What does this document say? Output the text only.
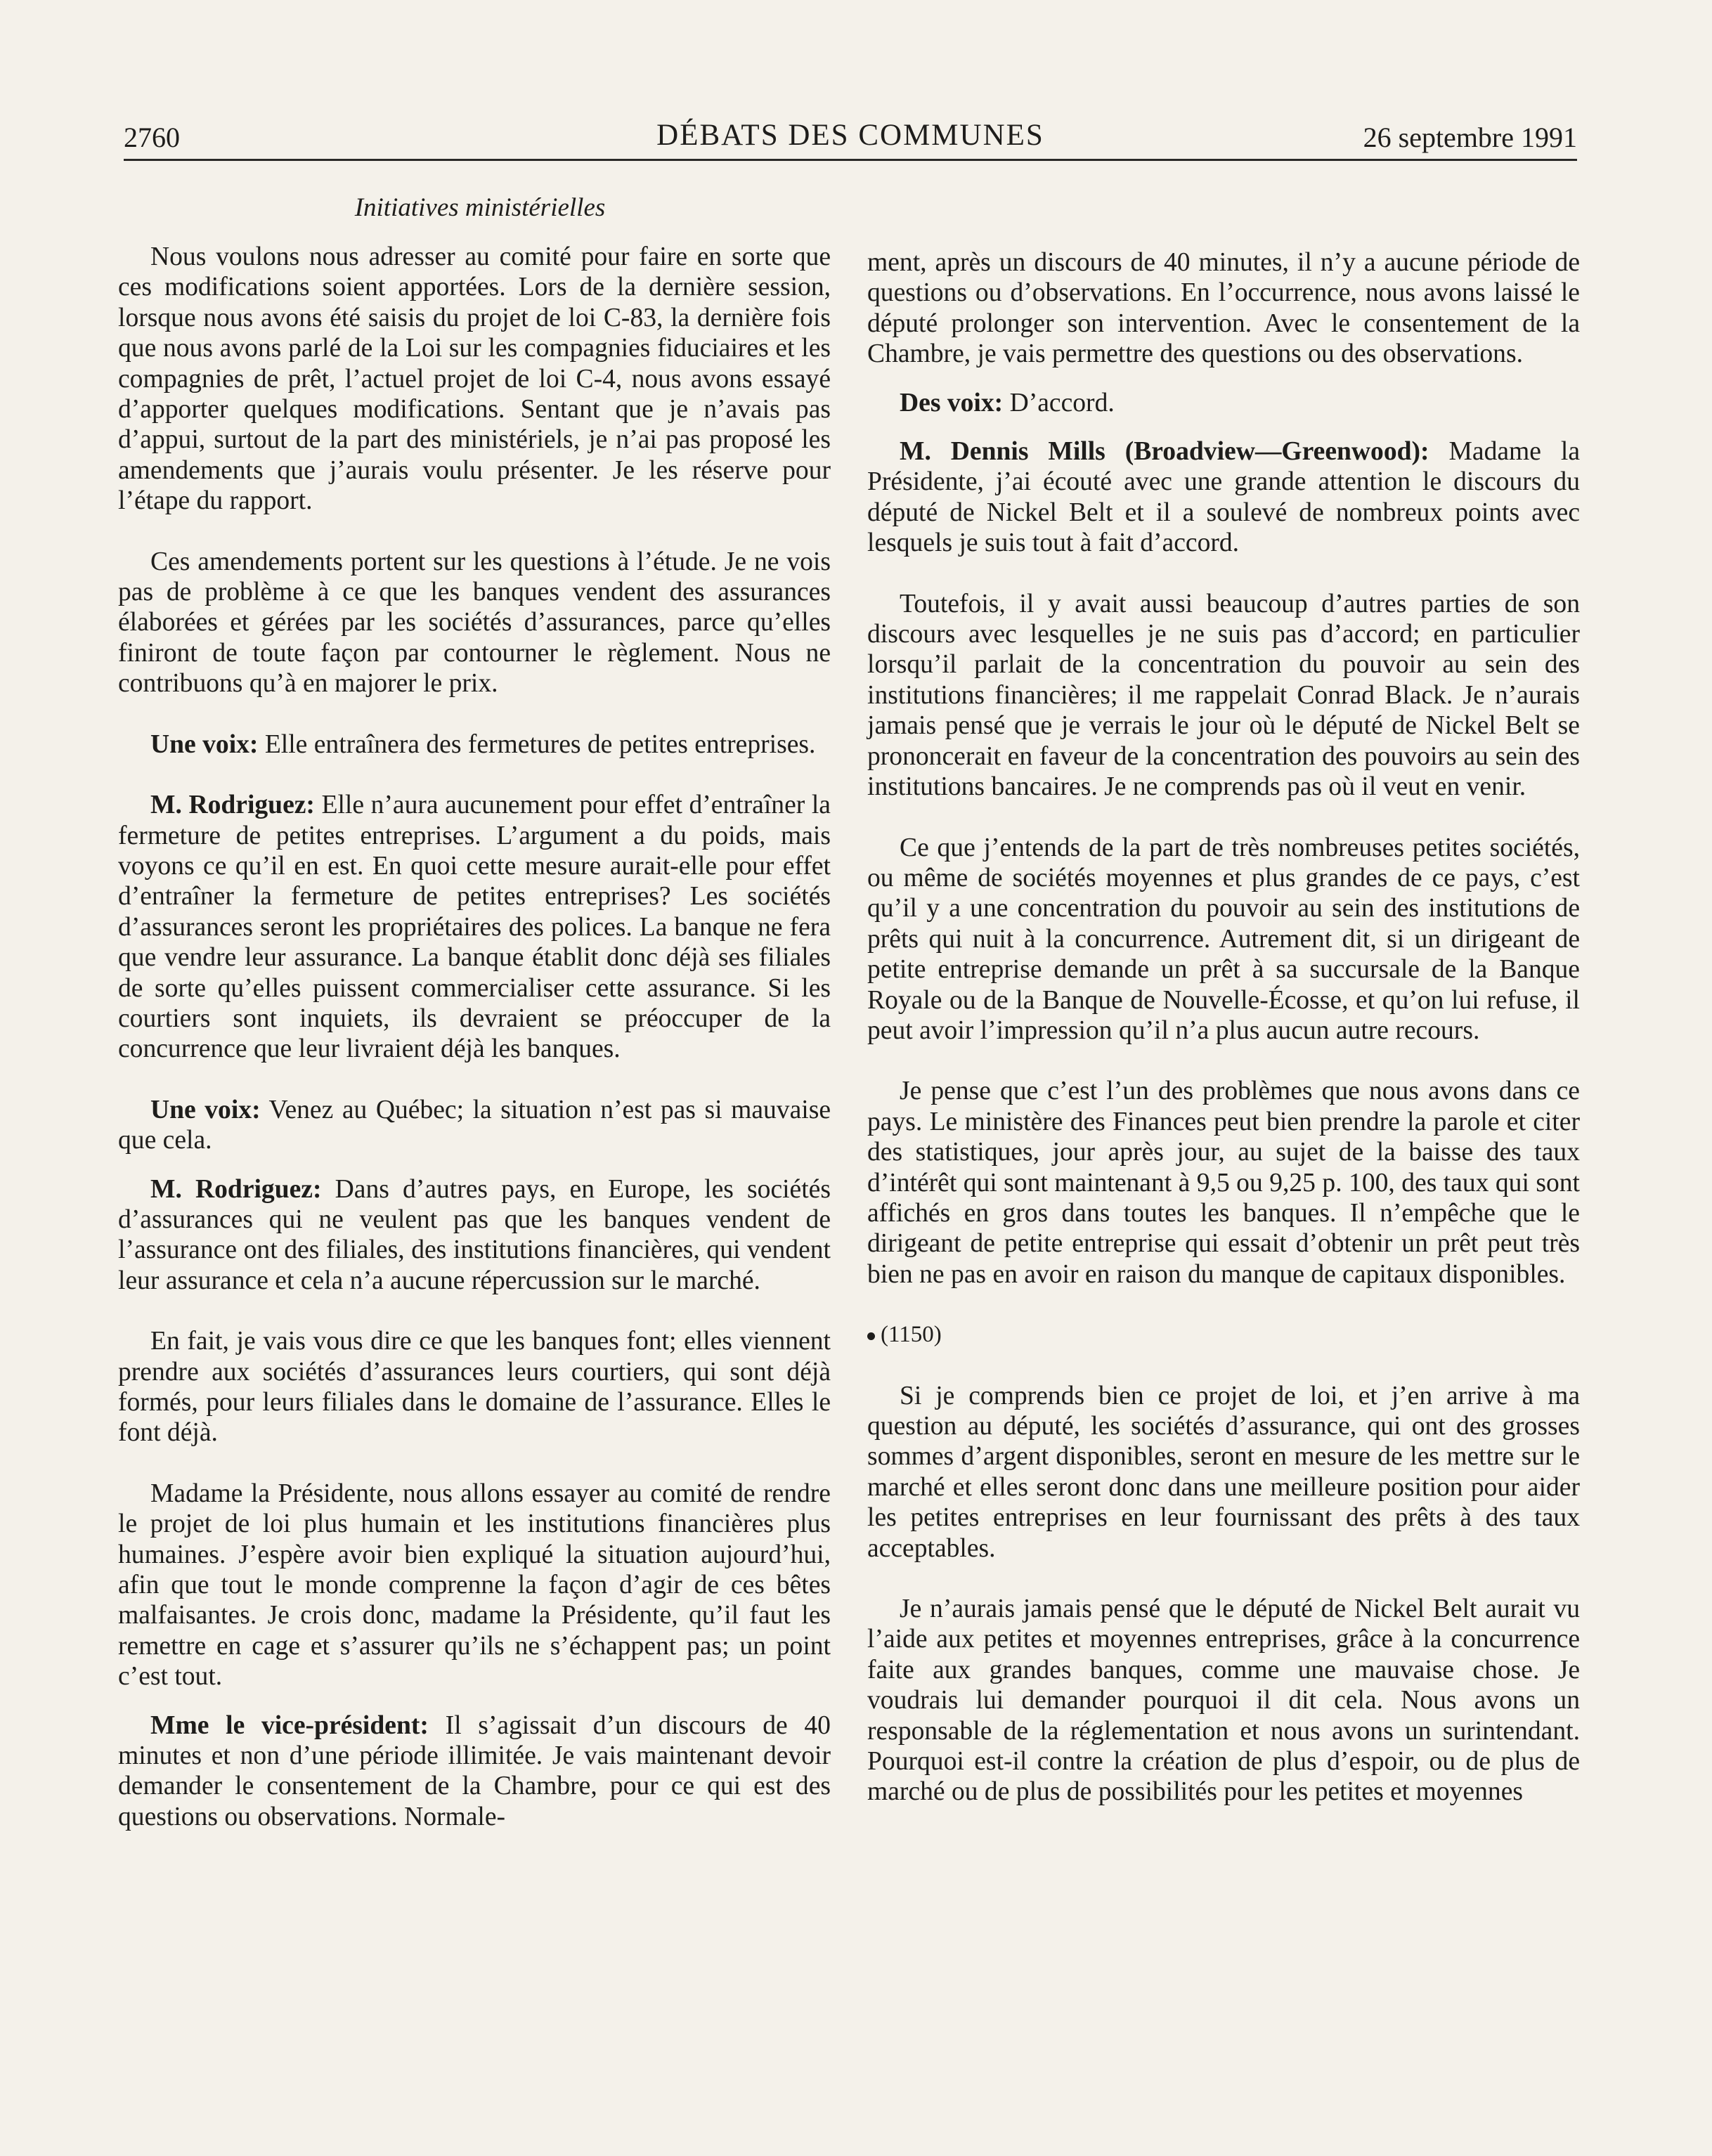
2760	DÉBATS DES COMMUNES	26 septembre 1991
Initiatives ministérielles

Nous voulons nous adresser au comité pour faire en sorte que ces modifications soient apportées. Lors de la dernière session, lorsque nous avons été saisis du projet de loi C-83, la dernière fois que nous avons parlé de la Loi sur les compagnies fiduciaires et les compagnies de prêt, l’actuel projet de loi C-4, nous avons essayé d’apporter quelques modifications. Sentant que je n’avais pas d’appui, surtout de la part des ministériels, je n’ai pas proposé les amendements que j’aurais voulu présenter. Je les réserve pour l’étape du rapport.

Ces amendements portent sur les questions à l’étude. Je ne vois pas de problème à ce que les banques vendent des assurances élaborées et gérées par les sociétés d’assurances, parce qu’elles finiront de toute façon par contourner le règlement. Nous ne contribuons qu’à en majorer le prix.

Une voix: Elle entraînera des fermetures de petites entreprises.

M. Rodriguez: Elle n’aura aucunement pour effet d’entraîner la fermeture de petites entreprises. L’argument a du poids, mais voyons ce qu’il en est. En quoi cette mesure aurait-elle pour effet d’entraîner la fermeture de petites entreprises? Les sociétés d’assurances seront les propriétaires des polices. La banque ne fera que vendre leur assurance. La banque établit donc déjà ses filiales de sorte qu’elles puissent commercialiser cette assurance. Si les courtiers sont inquiets, ils devraient se préoccuper de la concurrence que leur livraient déjà les banques.

Une voix: Venez au Québec; la situation n’est pas si mauvaise que cela.

M. Rodriguez: Dans d’autres pays, en Europe, les sociétés d’assurances qui ne veulent pas que les banques vendent de l’assurance ont des filiales, des institutions financières, qui vendent leur assurance et cela n’a aucune répercussion sur le marché.

En fait, je vais vous dire ce que les banques font; elles viennent prendre aux sociétés d’assurances leurs courtiers, qui sont déjà formés, pour leurs filiales dans le domaine de l’assurance. Elles le font déjà.

Madame la Présidente, nous allons essayer au comité de rendre le projet de loi plus humain et les institutions financières plus humaines. J’espère avoir bien expliqué la situation aujourd’hui, afin que tout le monde comprenne la façon d’agir de ces bêtes malfaisantes. Je crois donc, madame la Présidente, qu’il faut les remettre en cage et s’assurer qu’ils ne s’échappent pas; un point c’est tout.

Mme le vice-président: Il s’agissait d’un discours de 40 minutes et non d’une période illimitée. Je vais maintenant devoir demander le consentement de la Chambre, pour ce qui est des questions ou observations. Normale-

ment, après un discours de 40 minutes, il n’y a aucune période de questions ou d’observations. En l’occurrence, nous avons laissé le député prolonger son intervention. Avec le consentement de la Chambre, je vais permettre des questions ou des observations.

Des voix: D’accord.

M. Dennis Mills (Broadview—Greenwood): Madame la Présidente, j’ai écouté avec une grande attention le discours du député de Nickel Belt et il a soulevé de nombreux points avec lesquels je suis tout à fait d’accord.

Toutefois, il y avait aussi beaucoup d’autres parties de son discours avec lesquelles je ne suis pas d’accord; en particulier lorsqu’il parlait de la concentration du pouvoir au sein des institutions financières; il me rappelait Conrad Black. Je n’aurais jamais pensé que je verrais le jour où le député de Nickel Belt se prononcerait en faveur de la concentration des pouvoirs au sein des institutions bancaires. Je ne comprends pas où il veut en venir.

Ce que j’entends de la part de très nombreuses petites sociétés, ou même de sociétés moyennes et plus grandes de ce pays, c’est qu’il y a une concentration du pouvoir au sein des institutions de prêts qui nuit à la concurrence. Autrement dit, si un dirigeant de petite entreprise demande un prêt à sa succursale de la Banque Royale ou de la Banque de Nouvelle-Écosse, et qu’on lui refuse, il peut avoir l’impression qu’il n’a plus aucun autre recours.

Je pense que c’est l’un des problèmes que nous avons dans ce pays. Le ministère des Finances peut bien prendre la parole et citer des statistiques, jour après jour, au sujet de la baisse des taux d’intérêt qui sont maintenant à 9,5 ou 9,25 p. 100, des taux qui sont affichés en gros dans toutes les banques. Il n’empêche que le dirigeant de petite entreprise qui essait d’obtenir un prêt peut très bien ne pas en avoir en raison du manque de capitaux disponibles.

(1150)

Si je comprends bien ce projet de loi, et j’en arrive à ma question au député, les sociétés d’assurance, qui ont des grosses sommes d’argent disponibles, seront en mesure de les mettre sur le marché et elles seront donc dans une meilleure position pour aider les petites entreprises en leur fournissant des prêts à des taux acceptables.

Je n’aurais jamais pensé que le député de Nickel Belt aurait vu l’aide aux petites et moyennes entreprises, grâce à la concurrence faite aux grandes banques, comme une mauvaise chose. Je voudrais lui demander pourquoi il dit cela. Nous avons un responsable de la réglementation et nous avons un surintendant. Pourquoi est-il contre la création de plus d’espoir, ou de plus de marché ou de plus de possibilités pour les petites et moyennes
